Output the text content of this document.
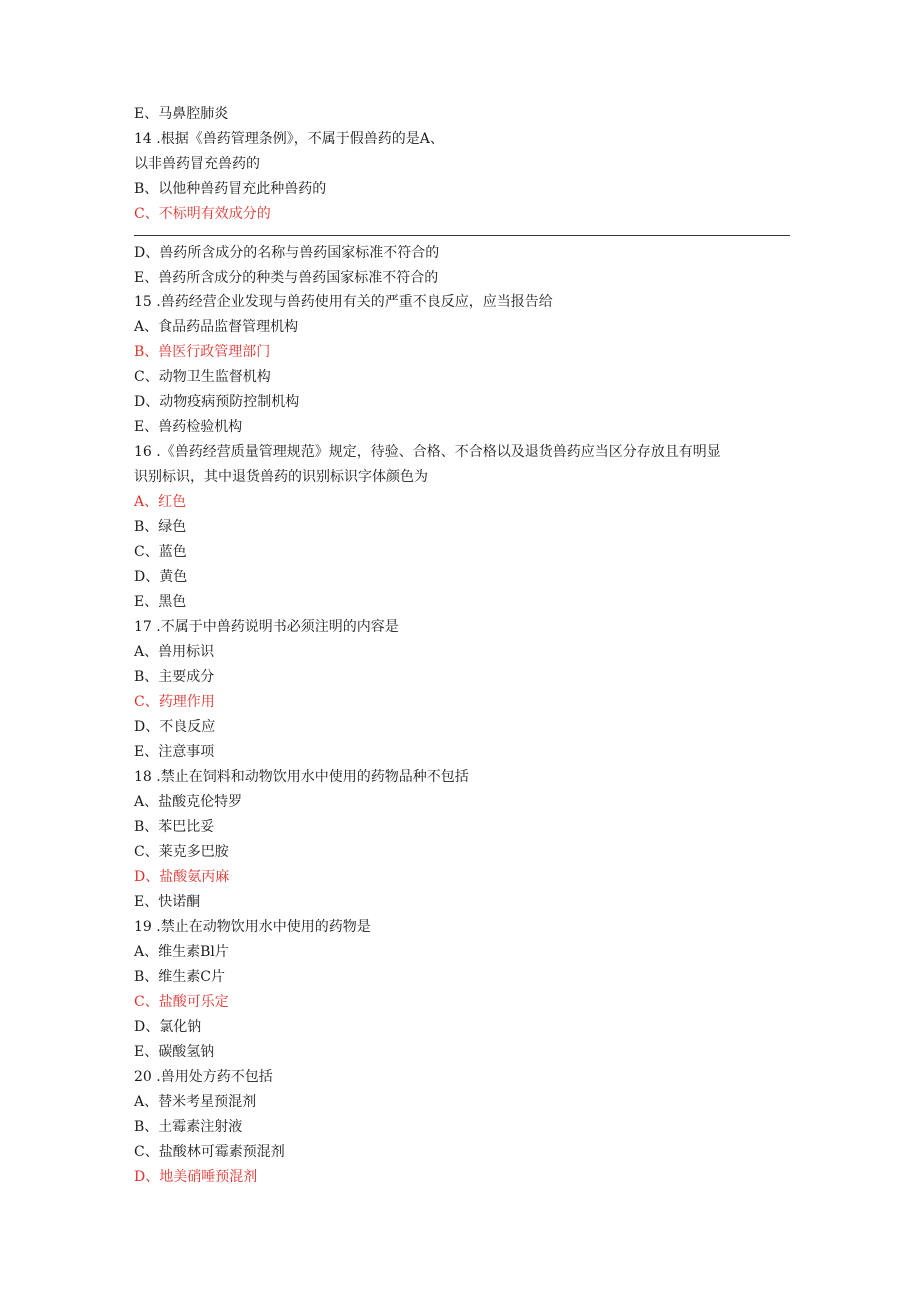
E、马鼻腔肺炎
14 .根据《兽药管理条例》，不属于假兽药的是A、
以非兽药冒充兽药的
B、以他种兽药冒充此种兽药的
C、不标明有效成分的
D、兽药所含成分的名称与兽药国家标准不符合的
E、兽药所含成分的种类与兽药国家标准不符合的
15 .兽药经营企业发现与兽药使用有关的严重不良反应，应当报告给
A、食品药品监督管理机构
B、兽医行政管理部门
C、动物卫生监督机构
D、动物疫病预防控制机构
E、兽药检验机构
16 .《兽药经营质量管理规范》规定，待验、合格、不合格以及退货兽药应当区分存放且有明显
识别标识，其中退货兽药的识别标识字体颜色为
A、红色
B、绿色
C、蓝色
D、黄色
E、黑色
17 .不属于中兽药说明书必须注明的内容是
A、兽用标识
B、主要成分
C、药理作用
D、不良反应
E、注意事项
18 .禁止在饲料和动物饮用水中使用的药物品种不包括
A、盐酸克伦特罗
B、苯巴比妥
C、莱克多巴胺
D、盐酸氨丙麻
E、快诺酮
19 .禁止在动物饮用水中使用的药物是
A、维生素Bl片
B、维生素C片
C、盐酸可乐定
D、氯化钠
E、碳酸氢钠
20 .兽用处方药不包括
A、替米考星预混剂
B、土霉素注射液
C、盐酸林可霉素预混剂
D、地美硝唾预混剂
